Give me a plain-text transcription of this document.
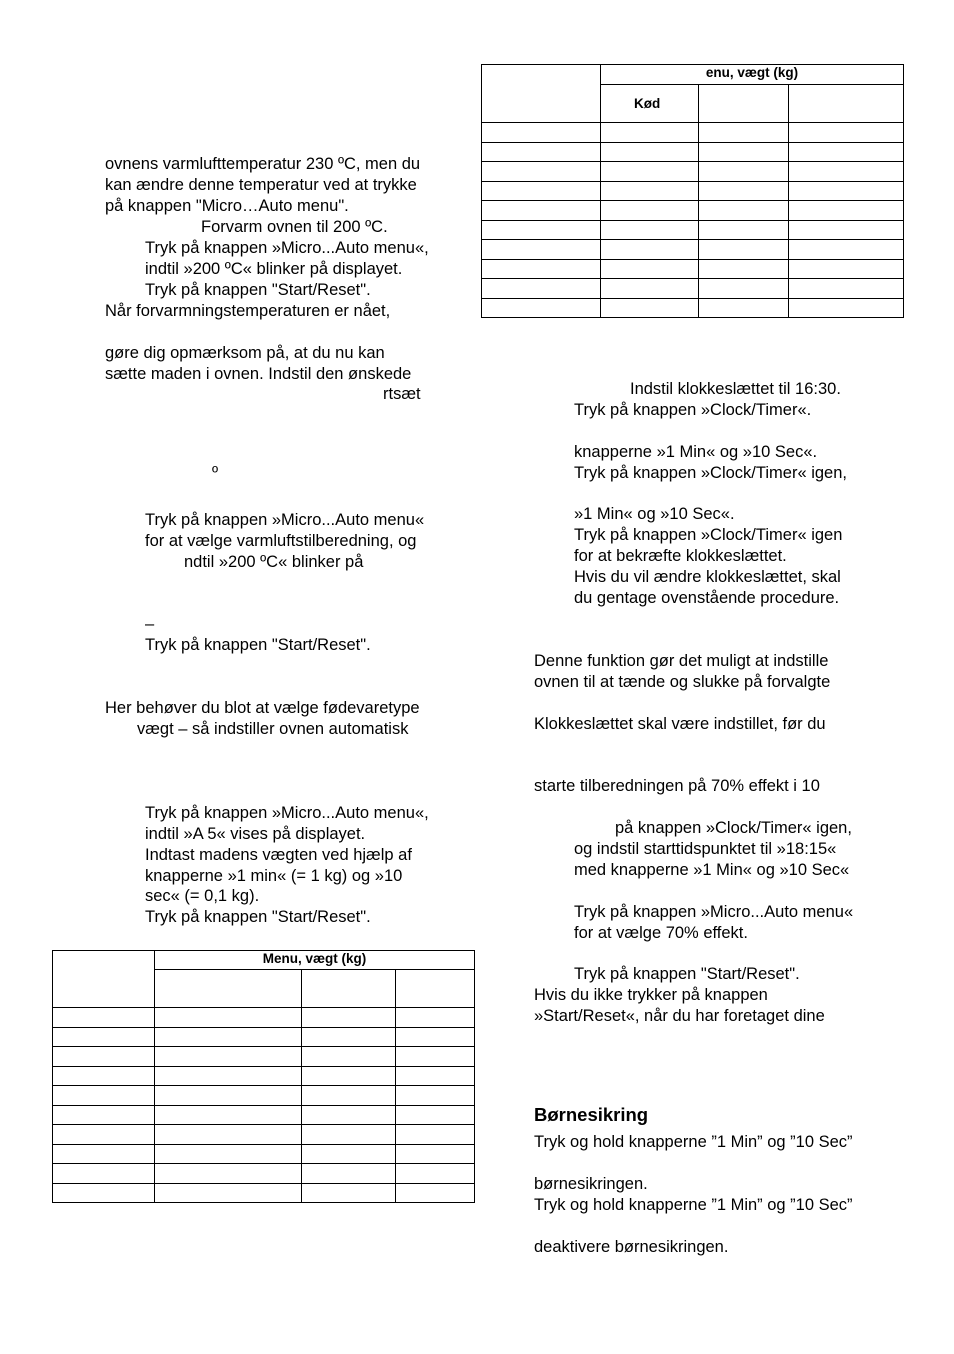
ovnens varmlufttemperatur 230 ºC, men du
kan ændre denne temperatur ved at trykke
på knappen "Micro…Auto menu".
Forvarm ovnen til 200 ºC.
Tryk på knappen »Micro...Auto menu«,
indtil »200 ºC« blinker på displayet.
Tryk på knappen "Start/Reset".
Når forvarmningstemperaturen er nået,
gøre dig opmærksom på, at du nu kan
sætte maden i ovnen. Indstil den ønskede
rtsæt
º
Tryk på knappen »Micro...Auto menu«
for at vælge varmluftstilberedning, og
ndtil »200 ºC« blinker på
–
Tryk på knappen "Start/Reset".
Her behøver du blot at vælge fødevaretype
vægt – så indstiller ovnen automatisk
Tryk på knappen »Micro...Auto menu«,
indtil »A 5« vises på displayet.
Indtast madens vægten ved hjælp af
knapperne »1 min« (= 1 kg) og »10
sec« (= 0,1 kg).
Tryk på knappen "Start/Reset".
	Menu, vægt (kg)		

	enu, vægt (kg)		
	Kød		

Indstil klokkeslættet til 16:30.
Tryk på knappen »Clock/Timer«.
knapperne »1 Min« og »10 Sec«.
Tryk på knappen »Clock/Timer« igen,
»1 Min« og »10 Sec«.
Tryk på knappen »Clock/Timer« igen
for at bekræfte klokkeslættet.
Hvis du vil ændre klokkeslættet, skal
du gentage ovenstående procedure.
Denne funktion gør det muligt at indstille
ovnen til at tænde og slukke på forvalgte
Klokkeslættet skal være indstillet, før du
starte tilberedningen på 70% effekt i 10
på knappen »Clock/Timer« igen,
og indstil starttidspunktet til »18:15«
med knapperne »1 Min« og »10 Sec«
Tryk på knappen »Micro...Auto menu«
for at vælge 70% effekt.
Tryk på knappen "Start/Reset".
Hvis du ikke trykker på knappen
»Start/Reset«, når du har foretaget dine
Børnesikring
Tryk og hold knapperne ”1 Min” og ”10 Sec”
børnesikringen.
Tryk og hold knapperne ”1 Min” og ”10 Sec”
deaktivere børnesikringen.
